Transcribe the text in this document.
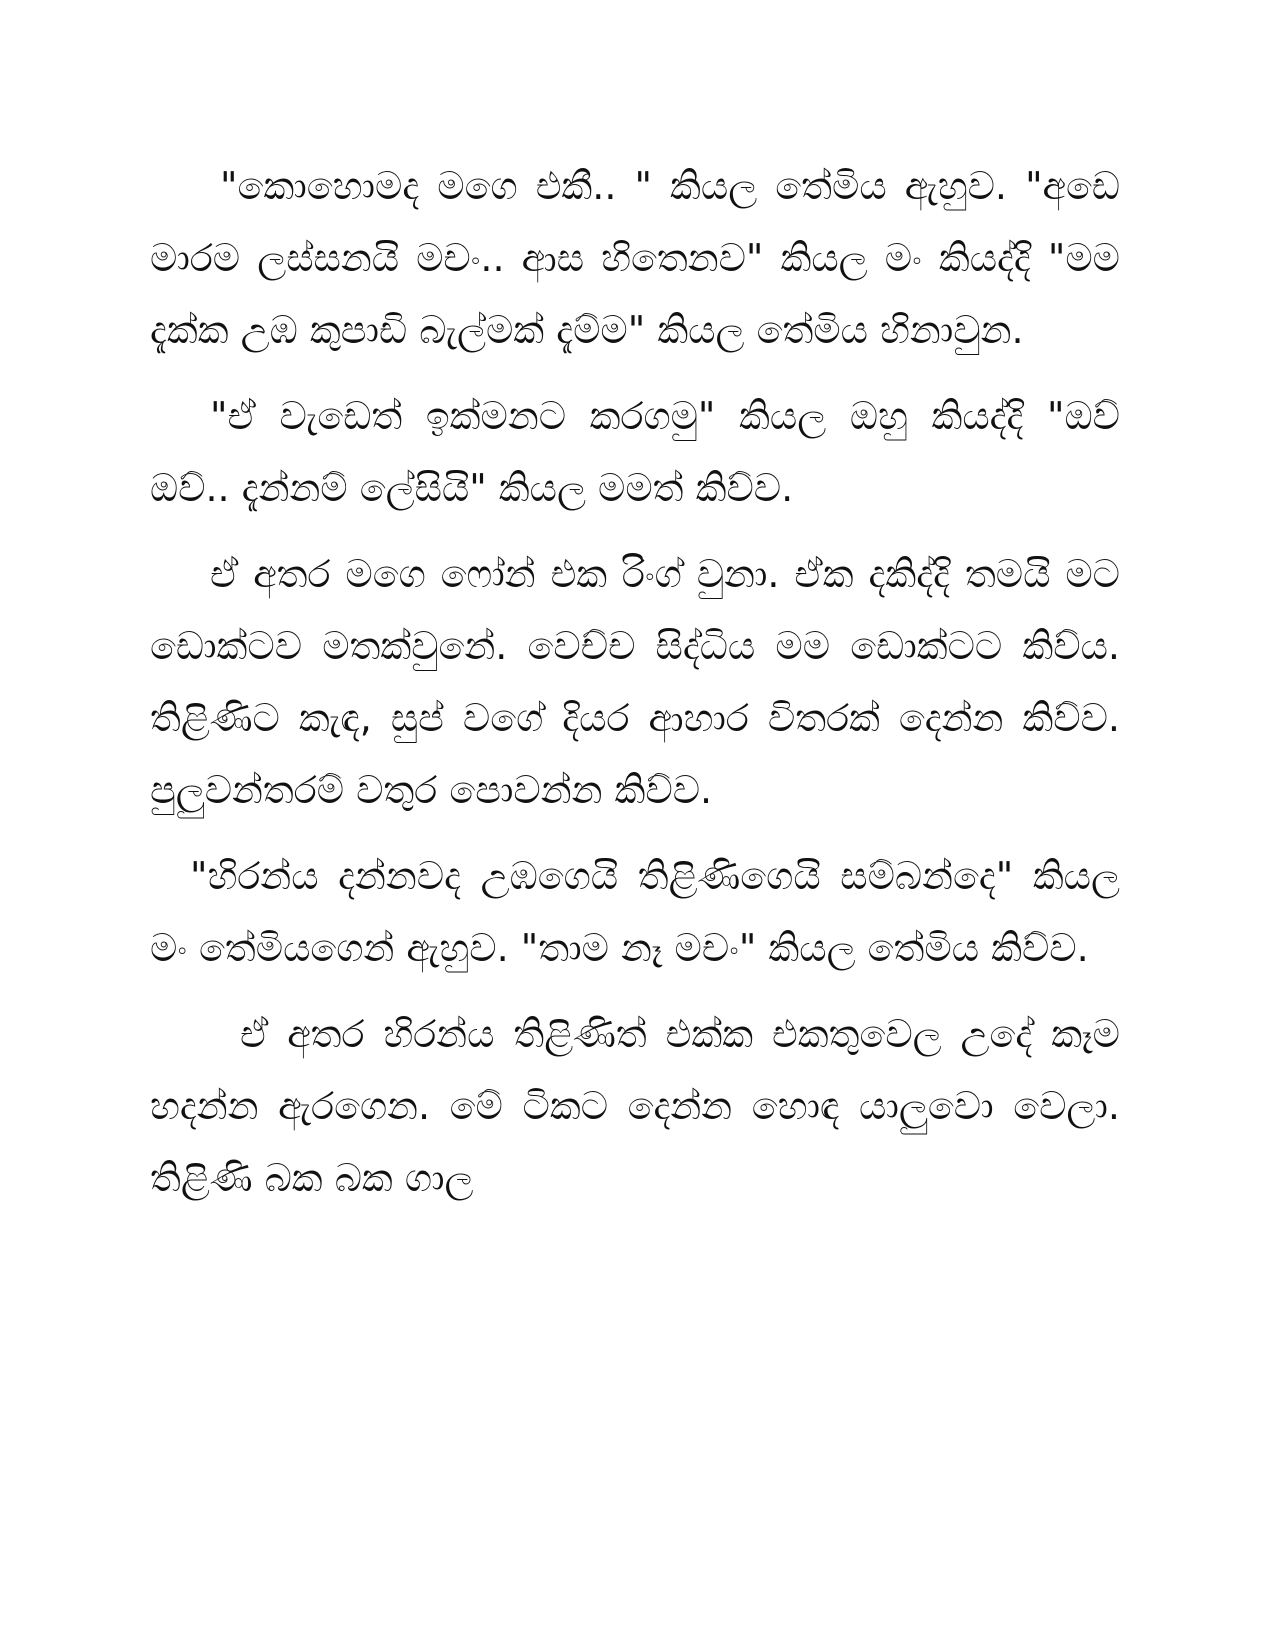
"කොහොමද මගෙ එකී.. " කියල තේමිය ඇහුව. "අඩෙ මාරම ලස්සනයි මචං.. ආස හිතෙනව" කියල මං කියද්දි "මම දැක්ක උඹ කුපාඩි බැල්මක් දැම්ම" කියල තේමිය හිනාවුන.

"ඒ වැඩෙත් ඉක්මනට කරගමු" කියල ඔහු කියද්දි "ඔව් ඔව්.. දැන්නම් ලේසියි" කියල මමත් කිව්ව.

ඒ අතර මගෙ ෆෝන් එක රිංග් වුනා. ඒක දකිද්දි තමයි මට ඩොක්ටව මතක්වුනේ. වෙච්ච සිද්ධිය මම ඩොක්ටට කිව්ය. තිළිණිට කැඳ, සුප් වගේ දියර ආහාර විතරක් දෙන්න කිව්ව. පුලුවන්තරම් වතුර පොවන්න කිව්ව.

"හිරන්ය දන්නවද උඹගෙයි තිළිණිගෙයි සම්බන්දෙ" කියල මං තේමියගෙන් ඇහුව. "තාම නෑ මචං" කියල තේමිය කිව්ව.

ඒ අතර හිරන්ය තිළිණිත් එක්ක එකතුවෙල උදේ කෑම හදන්න ඇරගෙන. මේ ටිකට දෙන්න හොඳ යාලුවො වෙලා. තිළිණි බක බක ගාල
